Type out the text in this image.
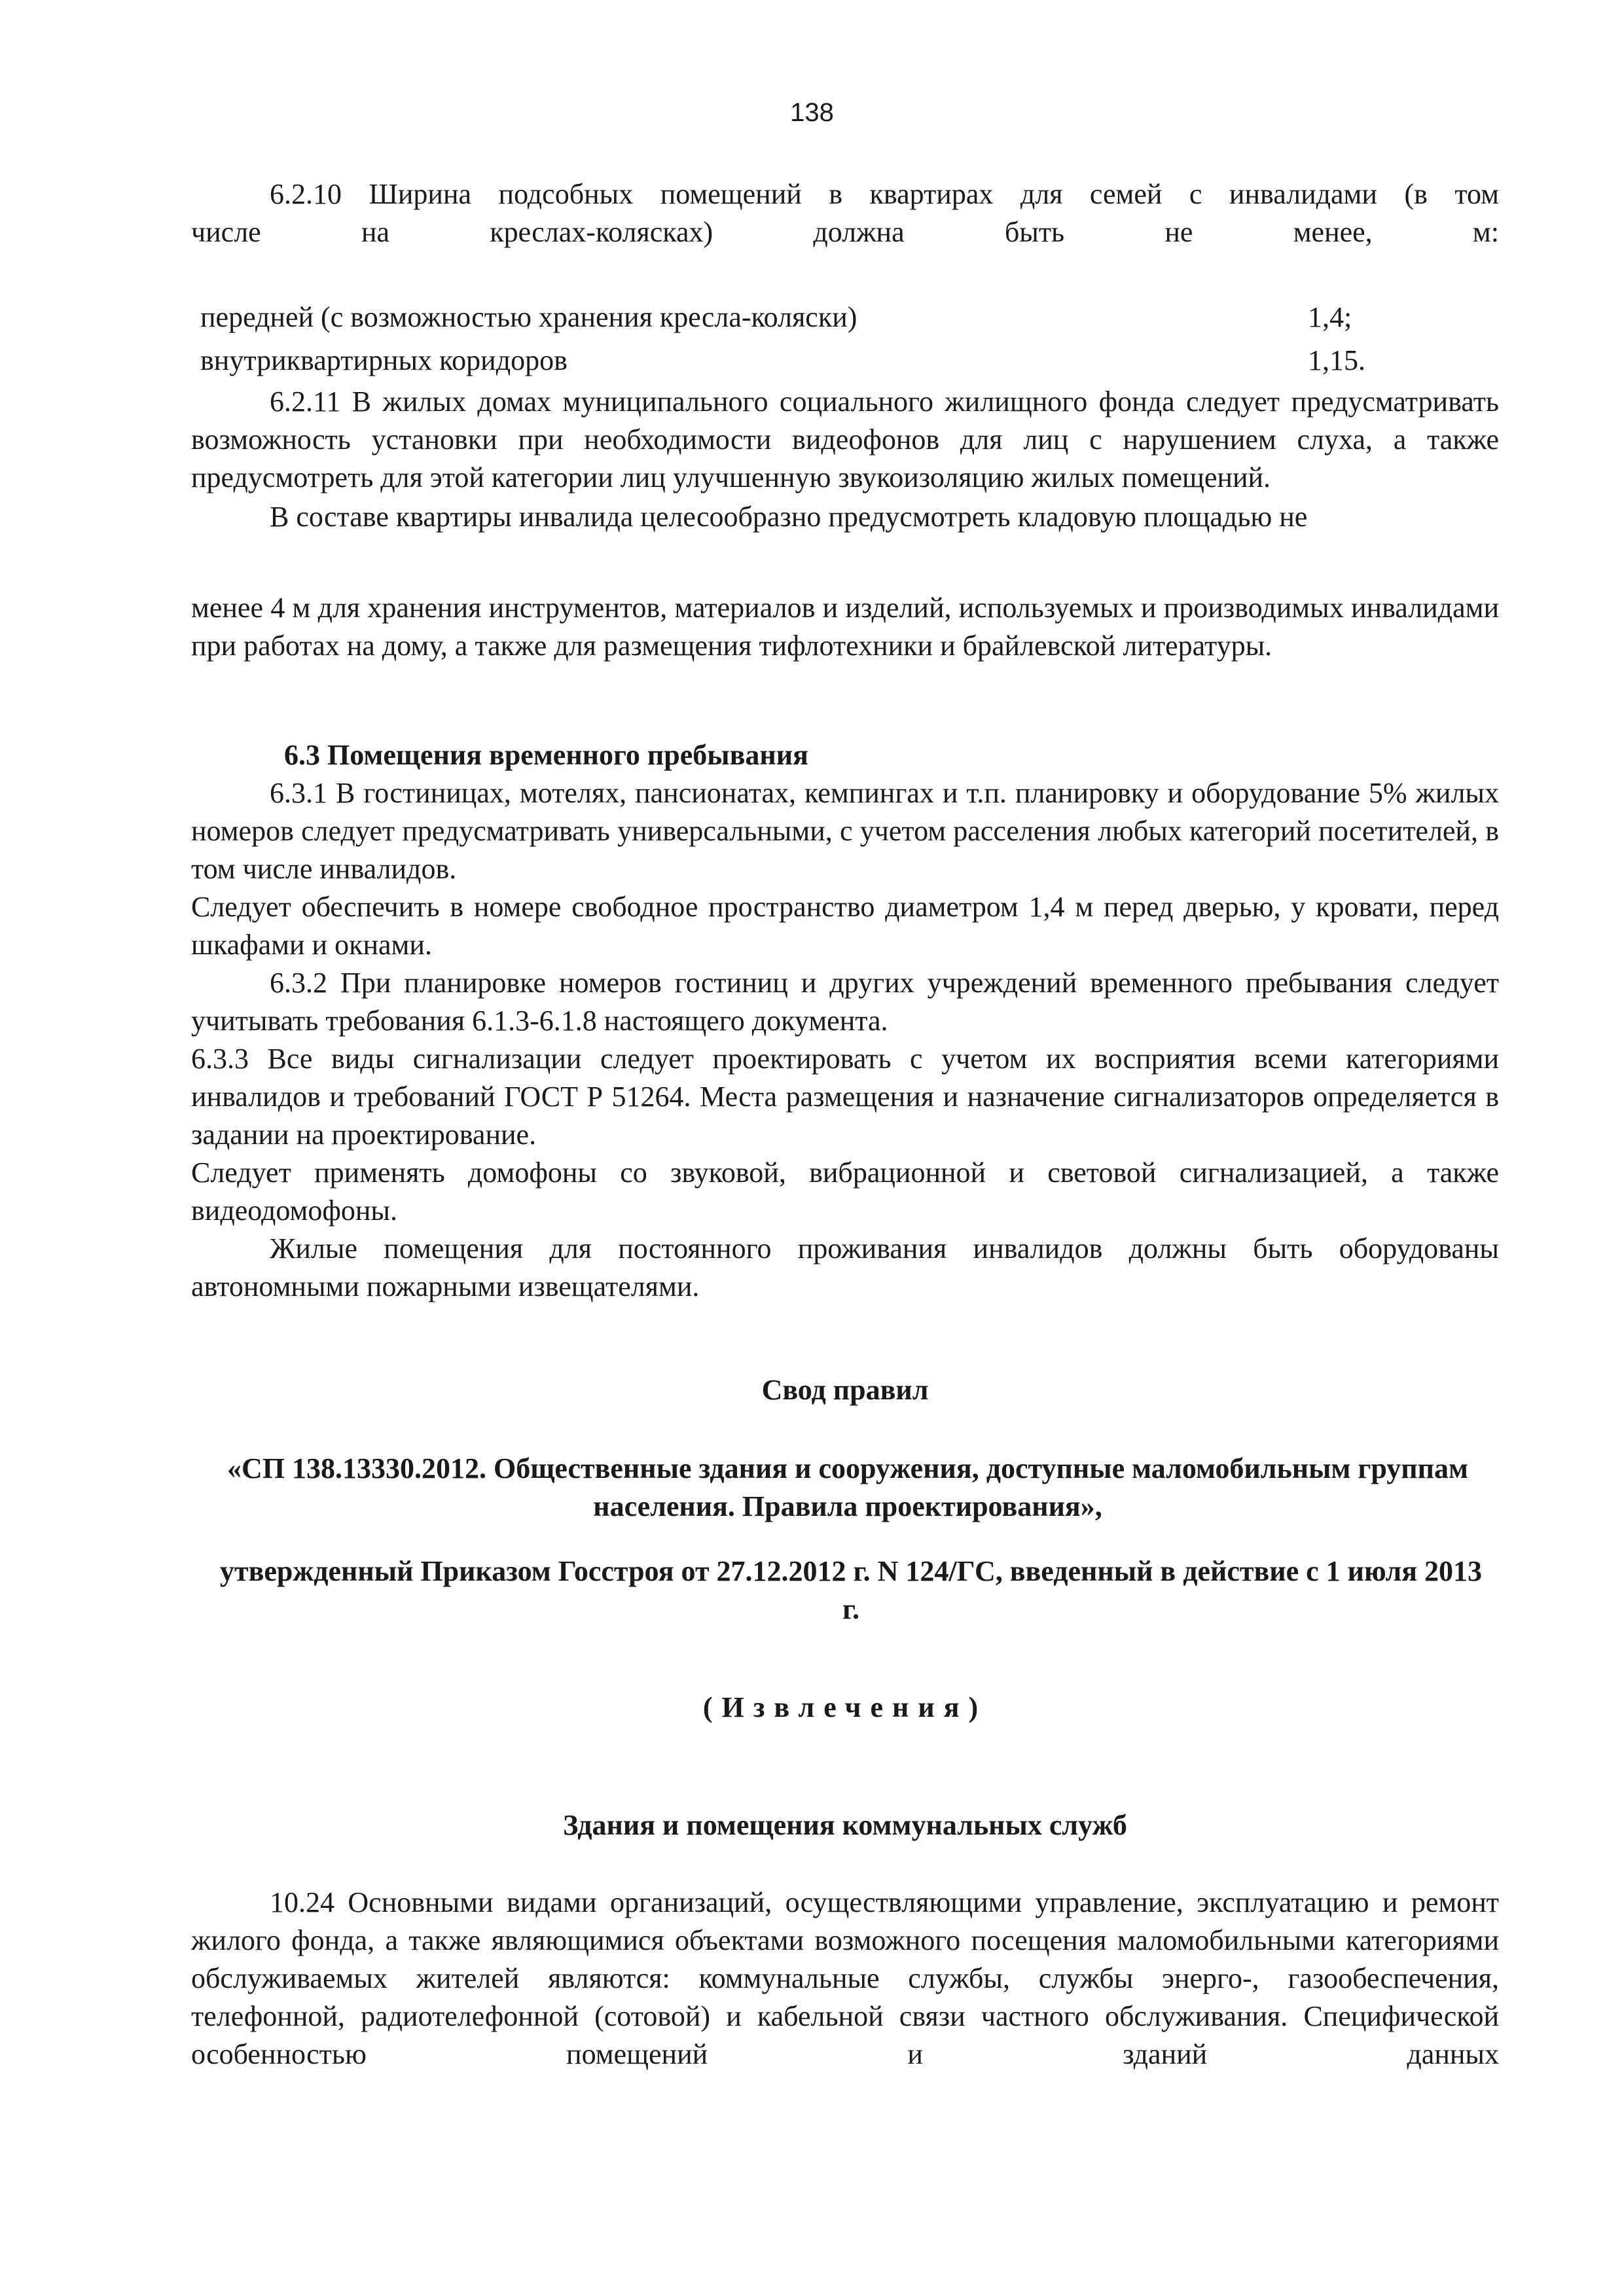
138

6.2.10 Ширина подсобных помещений в квартирах для семей с инвалидами (в том

числе на креслах-колясках) должна быть не менее, м:

передней (с возможностью хранения кресла-коляски)	1,4;
внутриквартирных коридоров	1,15.

6.2.11 В жилых домах муниципального социального жилищного фонда следует предусматривать возможность установки при необходимости видеофонов для лиц с нарушением слуха, а также предусмотреть для этой категории лиц улучшенную звукоизоляцию жилых помещений.

В составе квартиры инвалида целесообразно предусмотреть кладовую площадью не

менее 4 м для хранения инструментов, материалов и изделий, используемых и производимых инвалидами при работах на дому, а также для размещения тифлотехники и брайлевской литературы.

6.3 Помещения временного пребывания

6.3.1 В гостиницах, мотелях, пансионатах, кемпингах и т.п. планировку и оборудование 5% жилых номеров следует предусматривать универсальными, с учетом расселения любых категорий посетителей, в том числе инвалидов.

Следует обеспечить в номере свободное пространство диаметром 1,4 м перед дверью, у кровати, перед шкафами и окнами.

6.3.2 При планировке номеров гостиниц и других учреждений временного пребывания следует учитывать требования 6.1.3-6.1.8 настоящего документа.

6.3.3 Все виды сигнализации следует проектировать с учетом их восприятия всеми категориями инвалидов и требований ГОСТ Р 51264. Места размещения и назначение сигнализаторов определяется в задании на проектирование.

Следует применять домофоны со звуковой, вибрационной и световой сигнализацией, а также видеодомофоны.

Жилые помещения для постоянного проживания инвалидов должны быть оборудованы автономными пожарными извещателями.

Свод правил

«СП 138.13330.2012. Общественные здания и сооружения, доступные маломобильным группам населения. Правила проектирования»,

утвержденный Приказом Госстроя от 27.12.2012 г. N 124/ГС, введенный в действие с 1 июля 2013 г.

(Извлечения)

Здания и помещения коммунальных служб

10.24 Основными видами организаций, осуществляющими управление, эксплуатацию и ремонт жилого фонда, а также являющимися объектами возможного посещения маломобильными категориями обслуживаемых жителей являются: коммунальные службы, службы энерго-, газообеспечения, телефонной, радиотелефонной (сотовой) и кабельной связи частного обслуживания. Специфической особенностью помещений и зданий данных
